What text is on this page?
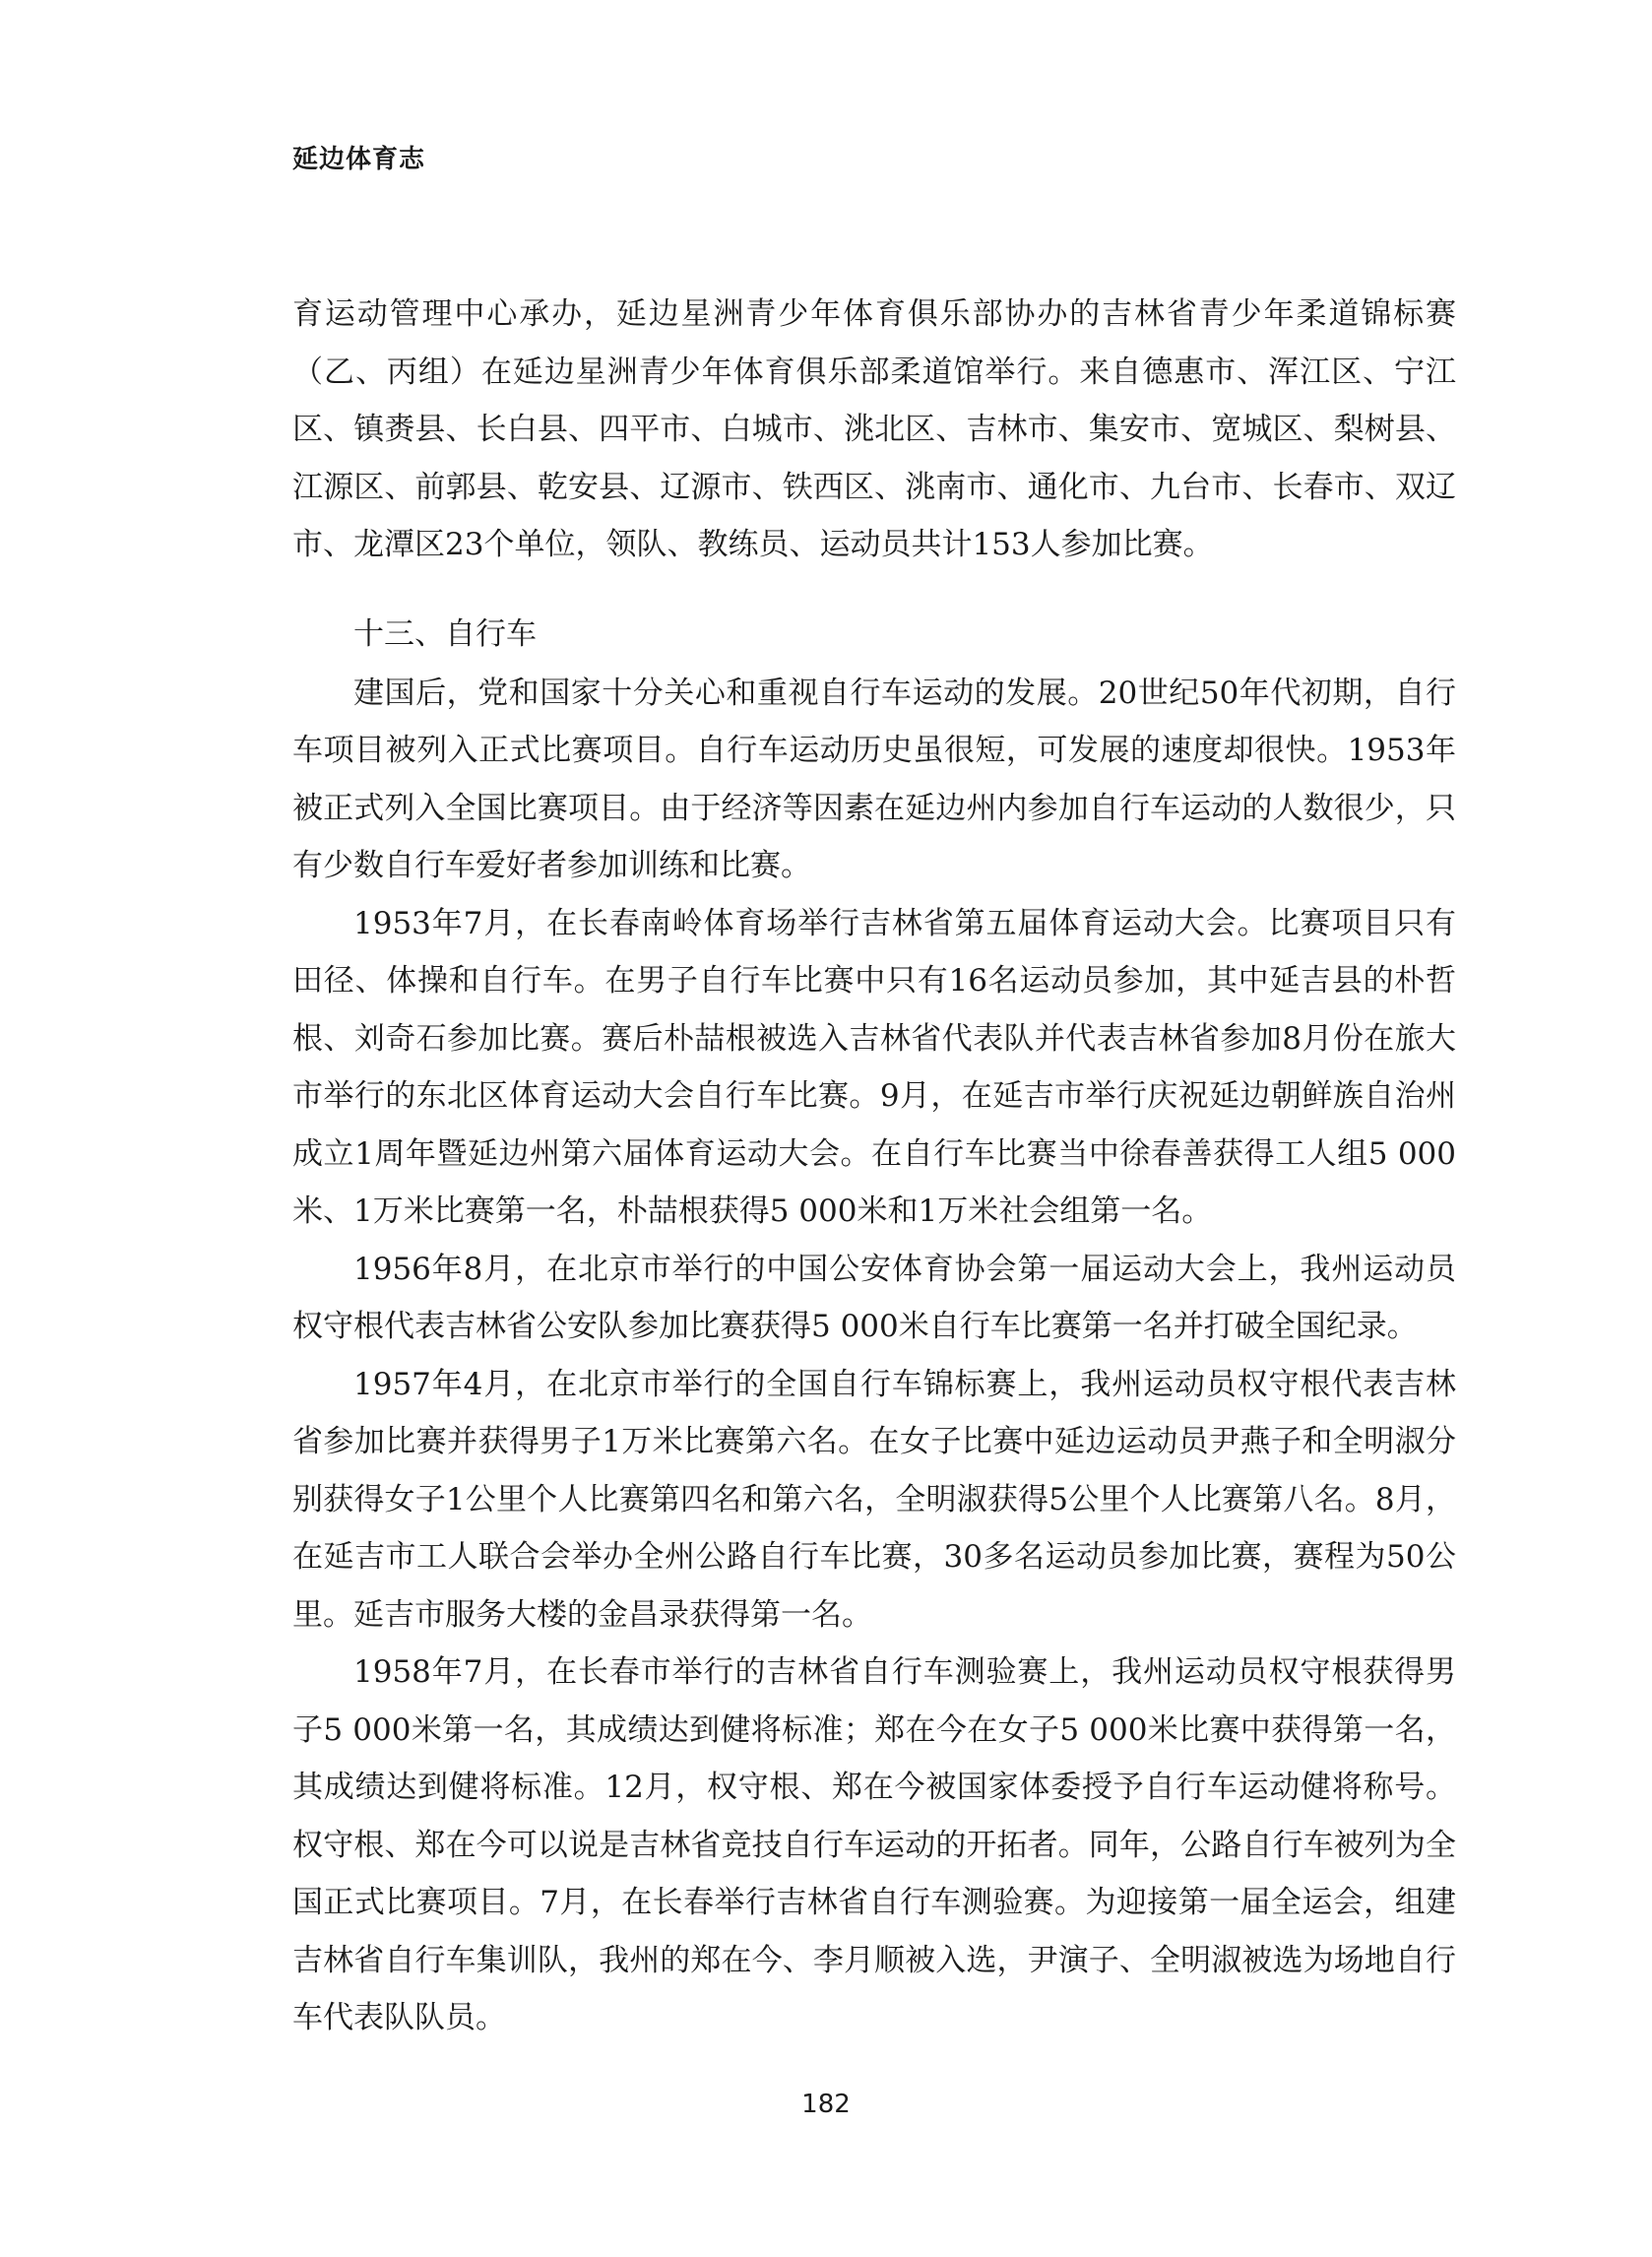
延边体育志

育运动管理中心承办，延边星洲青少年体育俱乐部协办的吉林省青少年柔道锦标赛（乙、丙组）在延边星洲青少年体育俱乐部柔道馆举行。来自德惠市、浑江区、宁江区、镇赉县、长白县、四平市、白城市、洮北区、吉林市、集安市、宽城区、梨树县、江源区、前郭县、乾安县、辽源市、铁西区、洮南市、通化市、九台市、长春市、双辽市、龙潭区23个单位，领队、教练员、运动员共计153人参加比赛。

十三、自行车

建国后，党和国家十分关心和重视自行车运动的发展。20世纪50年代初期，自行车项目被列入正式比赛项目。自行车运动历史虽很短，可发展的速度却很快。1953年被正式列入全国比赛项目。由于经济等因素在延边州内参加自行车运动的人数很少，只有少数自行车爱好者参加训练和比赛。

1953年7月，在长春南岭体育场举行吉林省第五届体育运动大会。比赛项目只有田径、体操和自行车。在男子自行车比赛中只有16名运动员参加，其中延吉县的朴哲根、刘奇石参加比赛。赛后朴喆根被选入吉林省代表队并代表吉林省参加8月份在旅大市举行的东北区体育运动大会自行车比赛。9月，在延吉市举行庆祝延边朝鲜族自治州成立1周年暨延边州第六届体育运动大会。在自行车比赛当中徐春善获得工人组5 000米、1万米比赛第一名，朴喆根获得5 000米和1万米社会组第一名。

1956年8月，在北京市举行的中国公安体育协会第一届运动大会上，我州运动员权守根代表吉林省公安队参加比赛获得5 000米自行车比赛第一名并打破全国纪录。

1957年4月，在北京市举行的全国自行车锦标赛上，我州运动员权守根代表吉林省参加比赛并获得男子1万米比赛第六名。在女子比赛中延边运动员尹燕子和全明淑分别获得女子1公里个人比赛第四名和第六名，全明淑获得5公里个人比赛第八名。8月，在延吉市工人联合会举办全州公路自行车比赛，30多名运动员参加比赛，赛程为50公里。延吉市服务大楼的金昌录获得第一名。

1958年7月，在长春市举行的吉林省自行车测验赛上，我州运动员权守根获得男子5 000米第一名，其成绩达到健将标准；郑在今在女子5 000米比赛中获得第一名，其成绩达到健将标准。12月，权守根、郑在今被国家体委授予自行车运动健将称号。权守根、郑在今可以说是吉林省竞技自行车运动的开拓者。同年，公路自行车被列为全国正式比赛项目。7月，在长春举行吉林省自行车测验赛。为迎接第一届全运会，组建吉林省自行车集训队，我州的郑在今、李月顺被入选，尹演子、全明淑被选为场地自行车代表队队员。

182
